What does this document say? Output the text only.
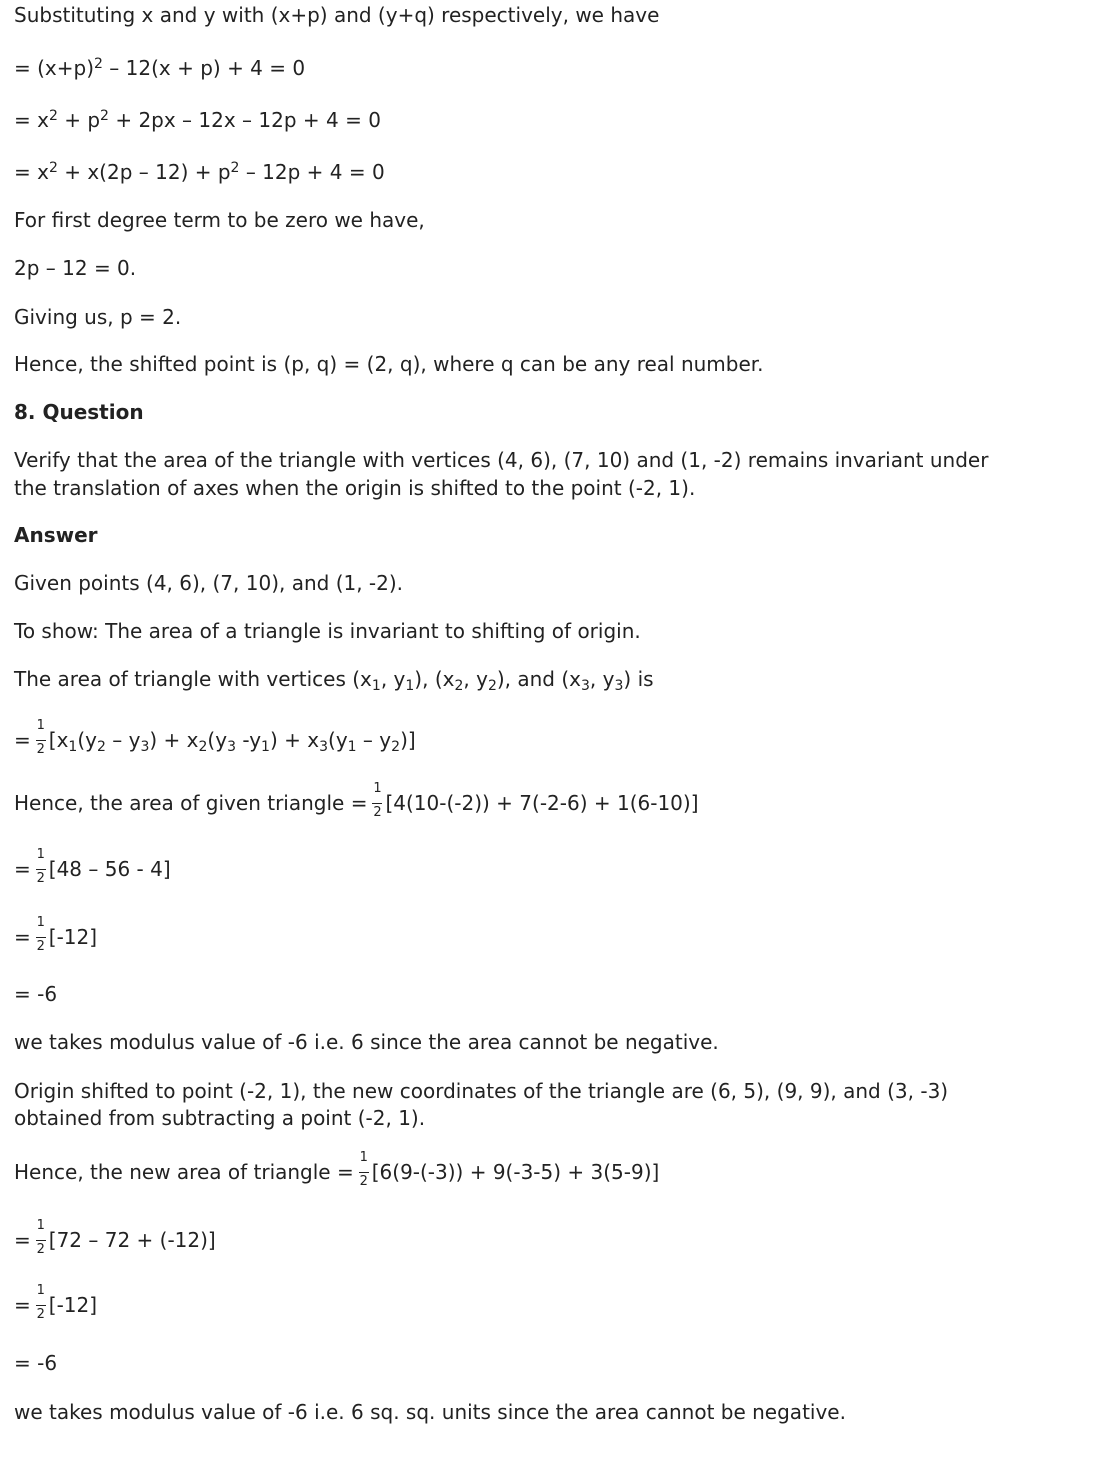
Substituting x and y with (x+p) and (y+q) respectively, we have
= $(x+p)^2 - 12(x + p) + 4 = 0$
= $x^2 + p^2 + 2px - 12x - 12p + 4 = 0$
= $x^2 + x(2p - 12) + p^2 - 12p + 4 = 0$
For first degree term to be zero we have,
2p – 12 = 0.
Giving us, p = 2.
Hence, the shifted point is (p, q) = (2, q), where q can be any real number.
8. Question
Verify that the area of the triangle with vertices (4, 6), (7, 10) and (1, -2) remains invariant under
the translation of axes when the origin is shifted to the point (-2, 1).
Answer
Given points (4, 6), (7, 10), and (1, -2).
To show: The area of a triangle is invariant to shifting of origin.
The area of triangle with vertices ($x_1$, $y_1$), ($x_2$, $y_2$), and ($x_3$, $y_3$) is
= $\frac{1}{2} [x_1(y_2 - y_3) + x_2(y_3$ $-y_1) + x_3(y_1 - y_2)$]
Hence, the area of given triangle = $\frac{1}{2} [4(10-(-2)) + 7(-2-6) + 1(6-10)]$
= $\frac{1}{2} [48 - 56 - 4]$
= $\frac{1}{2} [-12]$
= -6
we takes modulus value of -6 i.e. 6 since the area cannot be negative.
Origin shifted to point (-2, 1), the new coordinates of the triangle are (6, 5), (9, 9), and (3, -3)
obtained from subtracting a point (-2, 1).
Hence, the new area of triangle = $\frac{1}{2} [6(9-(-3)) + 9(-3-5) + 3(5-9)]$
= $\frac{1}{2} [72 - 72 + (-12)]$
= $\frac{1}{2} [-12]$
= -6
we takes modulus value of -6 i.e. 6 sq. sq. units since the area cannot be negative.
